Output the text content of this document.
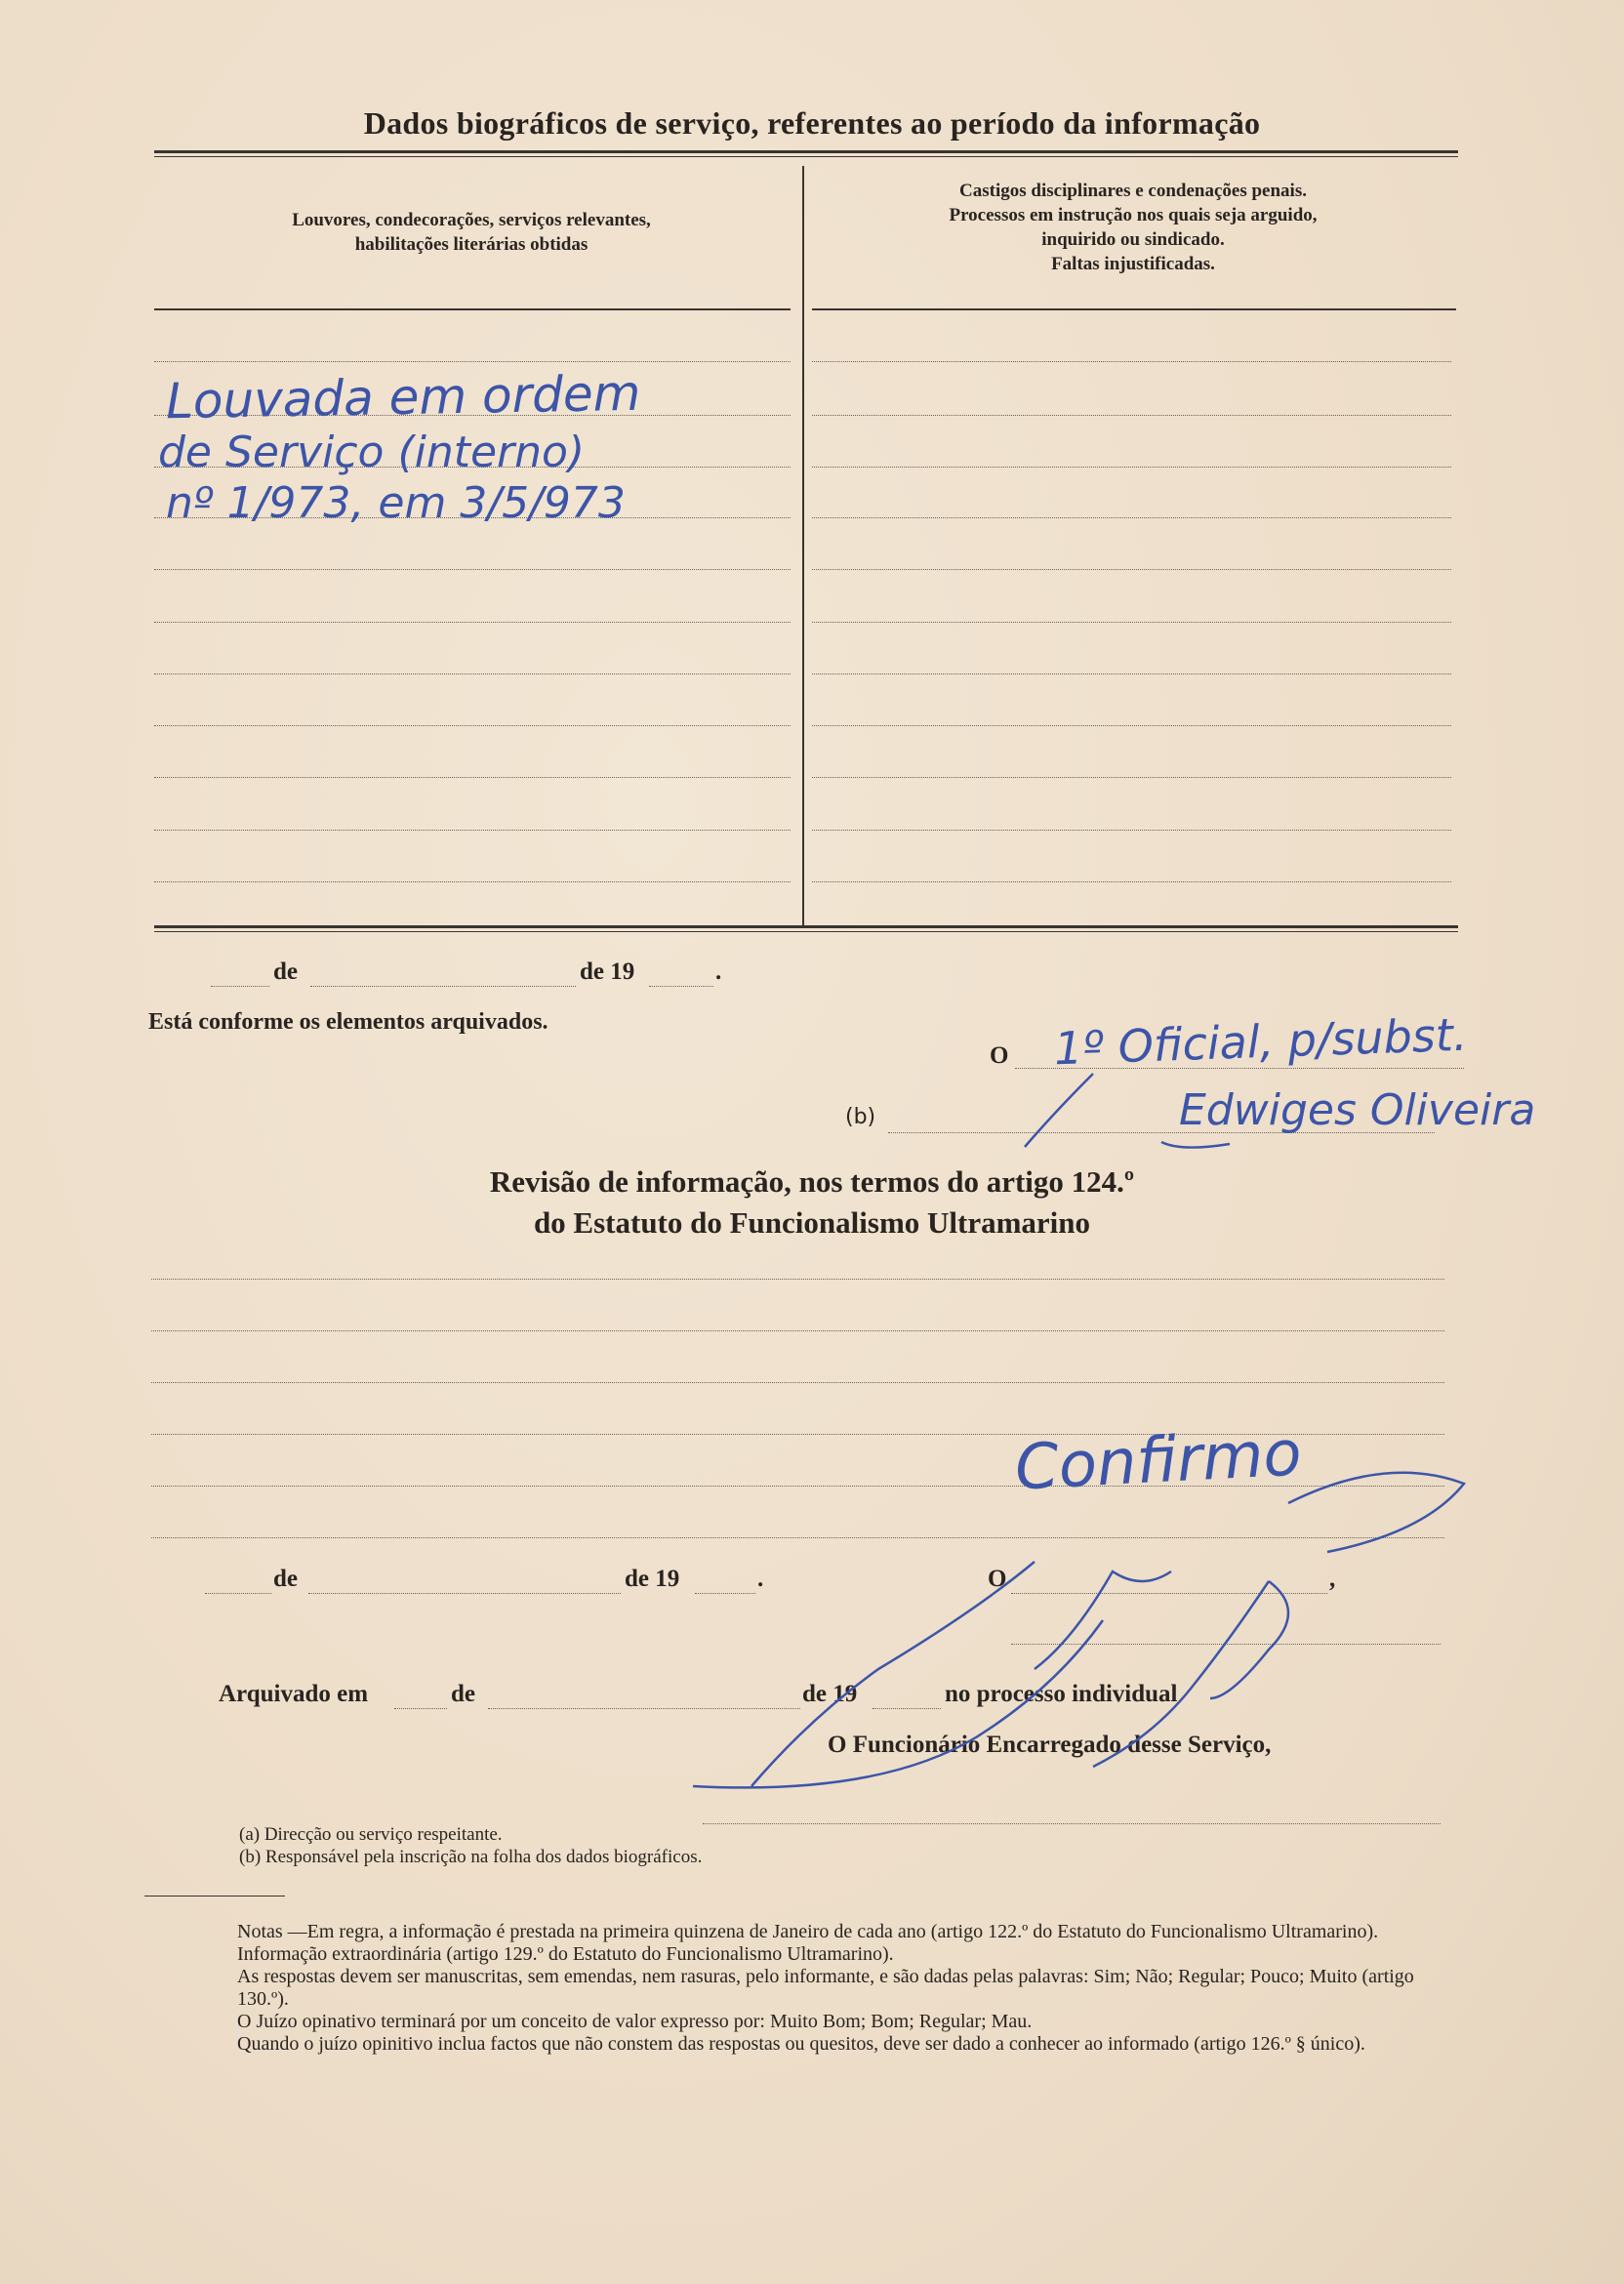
Dados biográficos de serviço, referentes ao período da informação
Louvores, condecorações, serviços relevantes,
habilitações literárias obtidas
Castigos disciplinares e condenações penais.
Processos em instrução nos quais seja arguido,
inquirido ou sindicado.
Faltas injustificadas.
Louvada em ordem
de Serviço (interno)
nº 1/973, em 3/5/973
de	de 19	.
Está conforme os elementos arquivados.
O 1º Oficial, p/subst.
(b)	Edwiges Oliveira
Revisão de informação, nos termos do artigo 124.º
do Estatuto do Funcionalismo Ultramarino
Confirmo
de	de 19	.	O	,
Arquivado em	de	de 19	no processo individual
O Funcionário Encarregado desse Serviço,
(a) Direcção ou serviço respeitante.
(b) Responsável pela inscrição na folha dos dados biográficos.

Notas —Em regra, a informação é prestada na primeira quinzena de Janeiro de cada ano (artigo 122.º do Estatuto do Funcionalismo Ultramarino).

Informação extraordinária (artigo 129.º do Estatuto do Funcionalismo Ultramarino).

As respostas devem ser manuscritas, sem emendas, nem rasuras, pelo informante, e são dadas pelas palavras: Sim; Não; Regular; Pouco; Muito (artigo 130.º).

O Juízo opinativo terminará por um conceito de valor expresso por: Muito Bom; Bom; Regular; Mau.

Quando o juízo opinitivo inclua factos que não constem das respostas ou quesitos, deve ser dado a conhecer ao informado (artigo 126.º § único).
